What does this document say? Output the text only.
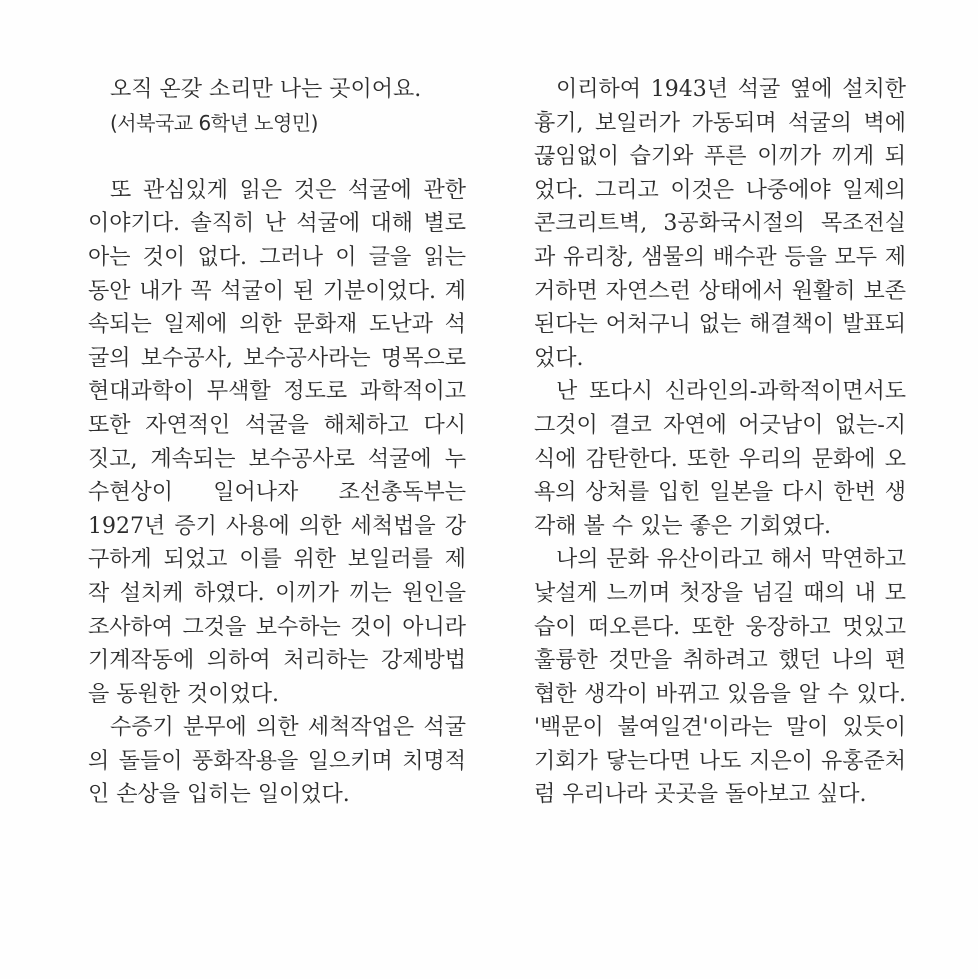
오직 온갖 소리만 나는 곳이어요.
(서북국교 6학년 노영민)
또 관심있게 읽은 것은 석굴에 관한
이야기다. 솔직히 난 석굴에 대해 별로
아는 것이 없다. 그러나 이 글을 읽는
동안 내가 꼭 석굴이 된 기분이었다. 계
속되는 일제에 의한 문화재 도난과 석
굴의 보수공사, 보수공사라는 명목으로
현대과학이 무색할 정도로 과학적이고
또한 자연적인 석굴을 해체하고 다시
짓고, 계속되는 보수공사로 석굴에 누
수현상이 일어나자 조선총독부는
1927년 증기 사용에 의한 세척법을 강
구하게 되었고 이를 위한 보일러를 제
작 설치케 하였다. 이끼가 끼는 원인을
조사하여 그것을 보수하는 것이 아니라
기계작동에 의하여 처리하는 강제방법
을 동원한 것이었다.
수증기 분무에 의한 세척작업은 석굴
의 돌들이 풍화작용을 일으키며 치명적
인 손상을 입히는 일이었다.
이리하여 1943년 석굴 옆에 설치한
흉기, 보일러가 가동되며 석굴의 벽에
끊임없이 습기와 푸른 이끼가 끼게 되
었다. 그리고 이것은 나중에야 일제의
콘크리트벽, 3공화국시절의 목조전실
과 유리창, 샘물의 배수관 등을 모두 제
거하면 자연스런 상태에서 원활히 보존
된다는 어처구니 없는 해결책이 발표되
었다.
난 또다시 신라인의-과학적이면서도
그것이 결코 자연에 어긋남이 없는-지
식에 감탄한다. 또한 우리의 문화에 오
욕의 상처를 입힌 일본을 다시 한번 생
각해 볼 수 있는 좋은 기회였다.
나의 문화 유산이라고 해서 막연하고
낯설게 느끼며 첫장을 넘길 때의 내 모
습이 떠오른다. 또한 웅장하고 멋있고
훌륭한 것만을 취하려고 했던 나의 편
협한 생각이 바뀌고 있음을 알 수 있다.
'백문이 불여일견'이라는 말이 있듯이
기회가 닿는다면 나도 지은이 유홍준처
럼 우리나라 곳곳을 돌아보고 싶다.
